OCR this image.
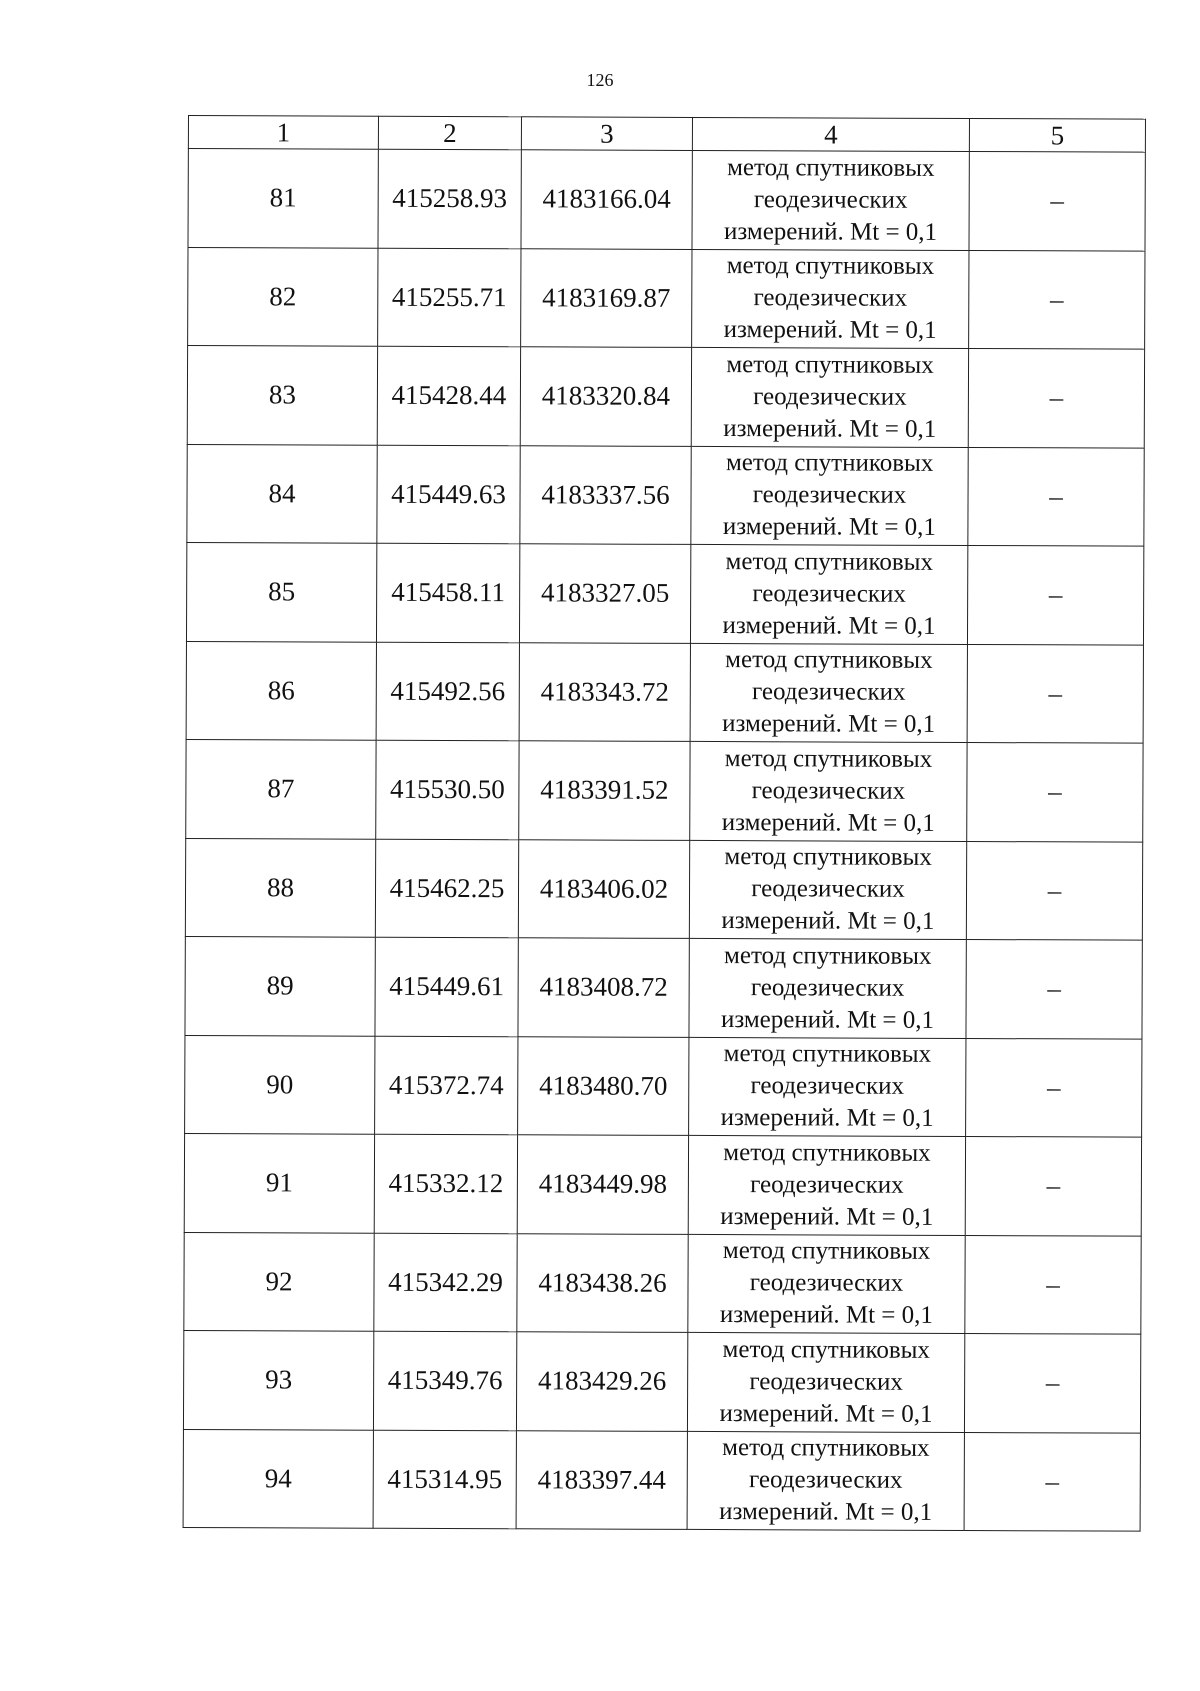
126
1	2	3	4	5
81	415258.93	4183166.04	метод спутниковых
геодезических
измерений. Mt = 0,1	–
82	415255.71	4183169.87	метод спутниковых
геодезических
измерений. Mt = 0,1	–
83	415428.44	4183320.84	метод спутниковых
геодезических
измерений. Mt = 0,1	–
84	415449.63	4183337.56	метод спутниковых
геодезических
измерений. Mt = 0,1	–
85	415458.11	4183327.05	метод спутниковых
геодезических
измерений. Mt = 0,1	–
86	415492.56	4183343.72	метод спутниковых
геодезических
измерений. Mt = 0,1	–
87	415530.50	4183391.52	метод спутниковых
геодезических
измерений. Mt = 0,1	–
88	415462.25	4183406.02	метод спутниковых
геодезических
измерений. Mt = 0,1	–
89	415449.61	4183408.72	метод спутниковых
геодезических
измерений. Mt = 0,1	–
90	415372.74	4183480.70	метод спутниковых
геодезических
измерений. Mt = 0,1	–
91	415332.12	4183449.98	метод спутниковых
геодезических
измерений. Mt = 0,1	–
92	415342.29	4183438.26	метод спутниковых
геодезических
измерений. Mt = 0,1	–
93	415349.76	4183429.26	метод спутниковых
геодезических
измерений. Mt = 0,1	–
94	415314.95	4183397.44	метод спутниковых
геодезических
измерений. Mt = 0,1	–
